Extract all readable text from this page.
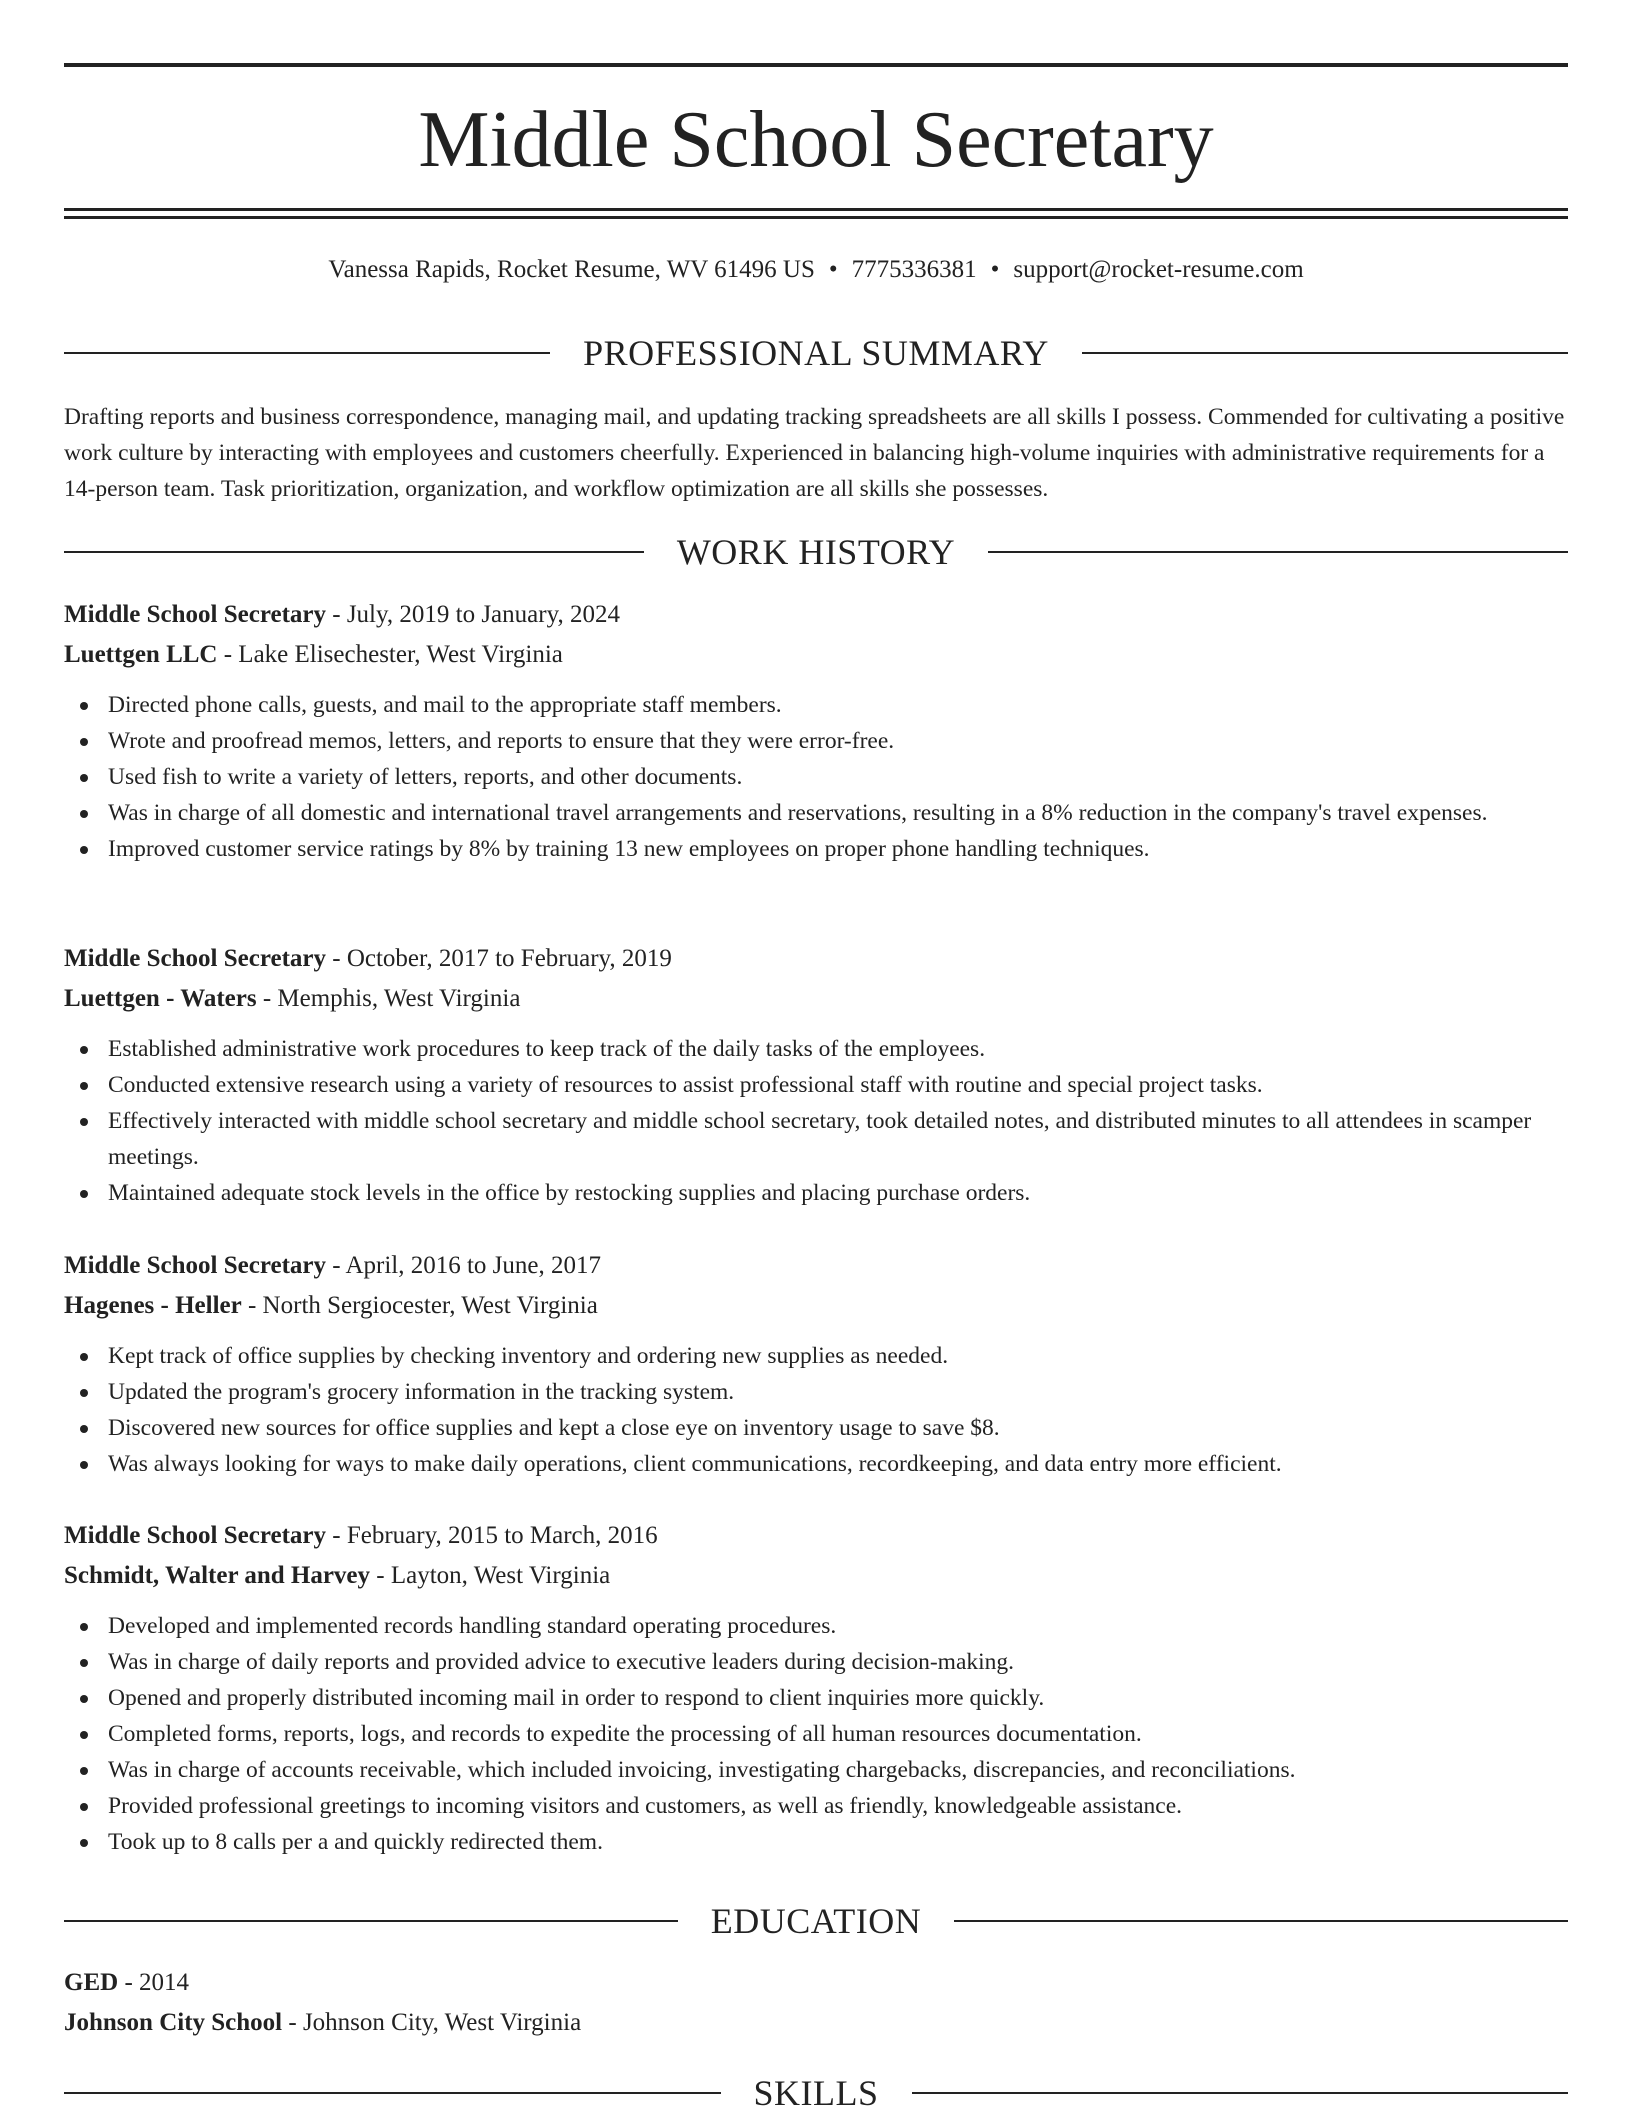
Middle School Secretary
Vanessa Rapids, Rocket Resume, WV 61496 US • 7775336381 • support@rocket-resume.com
PROFESSIONAL SUMMARY

Drafting reports and business correspondence, managing mail, and updating tracking spreadsheets are all skills I possess. Commended for cultivating a positive work culture by interacting with employees and customers cheerfully. Experienced in balancing high-volume inquiries with administrative requirements for a 14-person team. Task prioritization, organization, and workflow optimization are all skills she possesses.

WORK HISTORY

Middle School Secretary - July, 2019 to January, 2024

Luettgen LLC - Lake Elisechester, West Virginia

Directed phone calls, guests, and mail to the appropriate staff members.
Wrote and proofread memos, letters, and reports to ensure that they were error-free.
Used fish to write a variety of letters, reports, and other documents.
Was in charge of all domestic and international travel arrangements and reservations, resulting in a 8% reduction in the company's travel expenses.
Improved customer service ratings by 8% by training 13 new employees on proper phone handling techniques.

Middle School Secretary - October, 2017 to February, 2019

Luettgen - Waters - Memphis, West Virginia

Established administrative work procedures to keep track of the daily tasks of the employees.
Conducted extensive research using a variety of resources to assist professional staff with routine and special project tasks.
Effectively interacted with middle school secretary and middle school secretary, took detailed notes, and distributed minutes to all attendees in scamper meetings.
Maintained adequate stock levels in the office by restocking supplies and placing purchase orders.

Middle School Secretary - April, 2016 to June, 2017

Hagenes - Heller - North Sergiocester, West Virginia

Kept track of office supplies by checking inventory and ordering new supplies as needed.
Updated the program's grocery information in the tracking system.
Discovered new sources for office supplies and kept a close eye on inventory usage to save $8.
Was always looking for ways to make daily operations, client communications, recordkeeping, and data entry more efficient.

Middle School Secretary - February, 2015 to March, 2016

Schmidt, Walter and Harvey - Layton, West Virginia

Developed and implemented records handling standard operating procedures.
Was in charge of daily reports and provided advice to executive leaders during decision-making.
Opened and properly distributed incoming mail in order to respond to client inquiries more quickly.
Completed forms, reports, logs, and records to expedite the processing of all human resources documentation.
Was in charge of accounts receivable, which included invoicing, investigating chargebacks, discrepancies, and reconciliations.
Provided professional greetings to incoming visitors and customers, as well as friendly, knowledgeable assistance.
Took up to 8 calls per a and quickly redirected them.
EDUCATION

GED - 2014

Johnson City School - Johnson City, West Virginia

SKILLS
